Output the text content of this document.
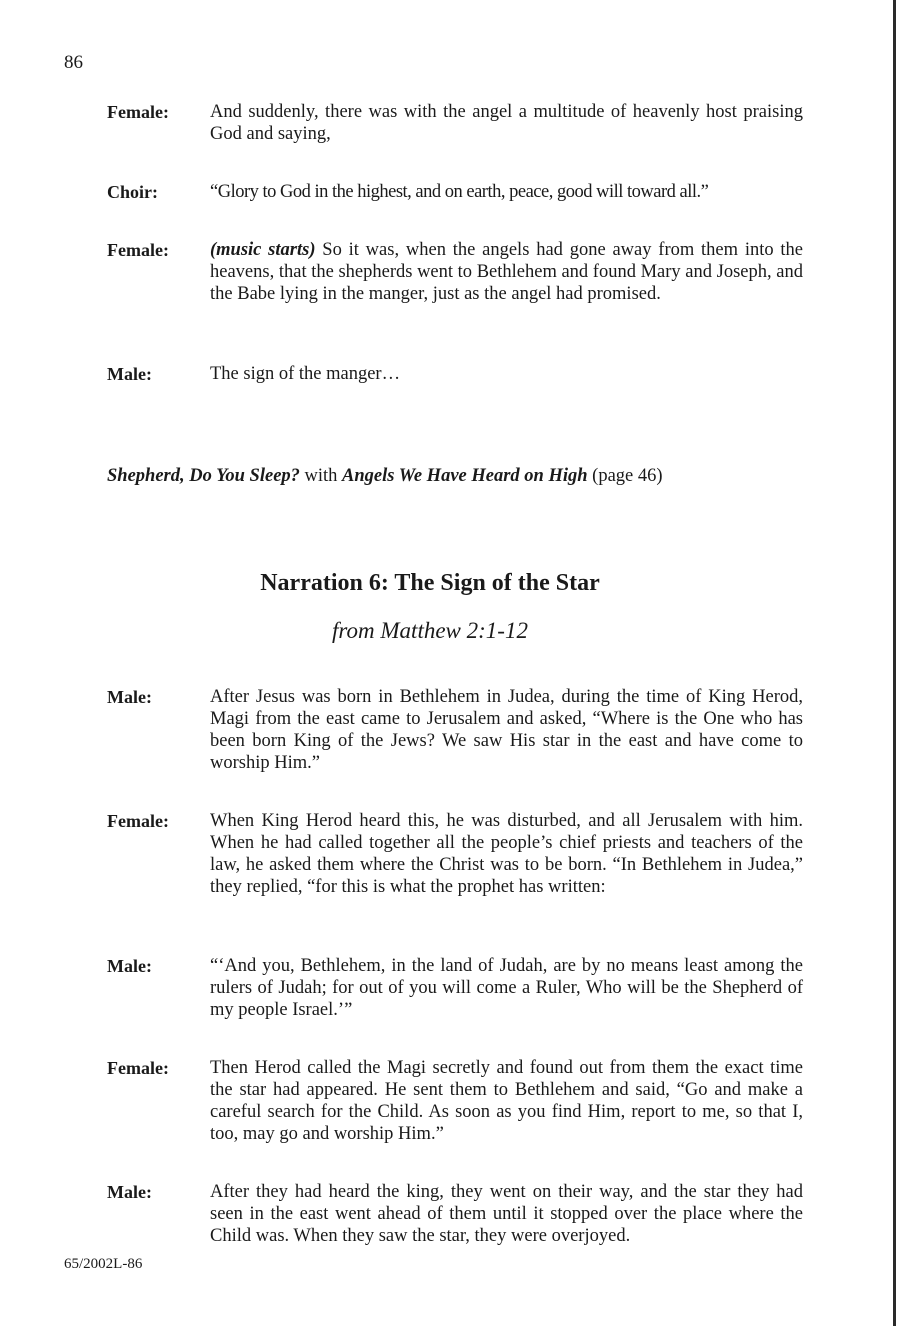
86
Female:	And suddenly, there was with the angel a multitude of heavenly host praising God and saying,
Choir:	“Glory to God in the highest, and on earth, peace, good will toward all.”
Female:	(music starts) So it was, when the angels had gone away from them into the heavens, that the shepherds went to Bethlehem and found Mary and Joseph, and the Babe lying in the manger, just as the angel had promised.
Male:	The sign of the manger…
Shepherd, Do You Sleep? with Angels We Have Heard on High (page 46)
Narration 6: The Sign of the Star
from Matthew 2:1-12
Male:	After Jesus was born in Bethlehem in Judea, during the time of King Herod, Magi from the east came to Jerusalem and asked, “Where is the One who has been born King of the Jews? We saw His star in the east and have come to worship Him.”
Female:	When King Herod heard this, he was disturbed, and all Jerusalem with him. When he had called together all the people’s chief priests and teachers of the law, he asked them where the Christ was to be born. “In Bethlehem in Judea,” they replied, “for this is what the prophet has written:
Male:	“‘And you, Bethlehem, in the land of Judah, are by no means least among the rulers of Judah; for out of you will come a Ruler, Who will be the Shepherd of my people Israel.’”
Female:	Then Herod called the Magi secretly and found out from them the exact time the star had appeared. He sent them to Bethlehem and said, “Go and make a careful search for the Child. As soon as you find Him, report to me, so that I, too, may go and worship Him.”
Male:	After they had heard the king, they went on their way, and the star they had seen in the east went ahead of them until it stopped over the place where the Child was. When they saw the star, they were overjoyed.
65/2002L-86
